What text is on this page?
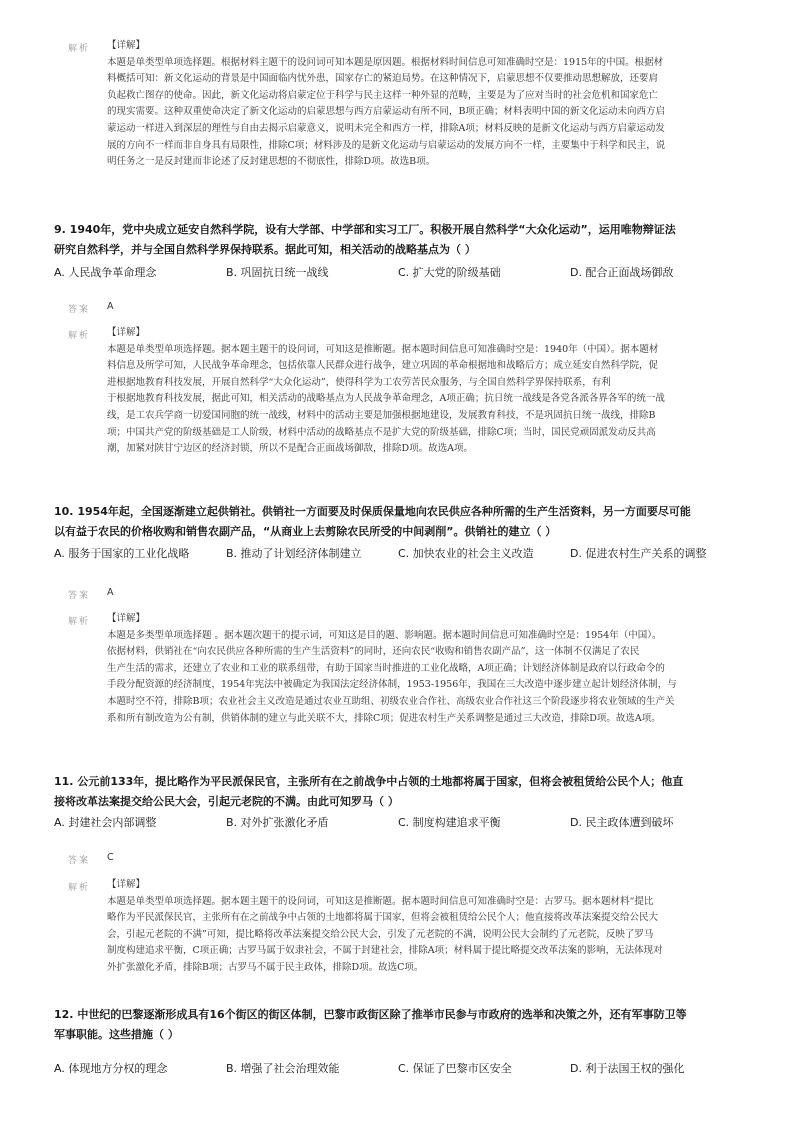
解析 【详解】
本题是单类型单项选择题。根据材料主题干的设问词可知本题是原因题。根据材料时间信息可知准确时空是：1915年的中国。根据材
料概括可知：新文化运动的背景是中国面临内忧外患，国家存亡的紧迫局势。在这种情况下，启蒙思想不仅要推动思想解放，还要肩
负起救亡图存的使命。因此，新文化运动将启蒙定位于科学与民主这样一种外显的范畴，主要是为了应对当时的社会危机和国家危亡
的现实需要。这种双重使命决定了新文化运动的启蒙思想与西方启蒙运动有所不同，B项正确；材料表明中国的新文化运动未向西方启
蒙运动一样进入到深层的理性与自由去揭示启蒙意义，说明未完全和西方一样，排除A项；材料反映的是新文化运动与西方启蒙运动发
展的方向不一样而非自身具有局限性，排除C项；材料涉及的是新文化运动与启蒙运动的发展方向不一样，主要集中于科学和民主，说
明任务之一是反封建而非论述了反封建思想的不彻底性，排除D项。故选B项。
9. 1940年，党中央成立延安自然科学院，设有大学部、中学部和实习工厂。积极开展自然科学“大众化运动”，运用唯物辩证法
研究自然科学，并与全国自然科学界保持联系。据此可知，相关活动的战略基点为（ ）
A. 人民战争革命理念	B. 巩固抗日统一战线	C. 扩大党的阶级基础	D. 配合正面战场御敌
答案 A
解析 【详解】
本题是单类型单项选择题。据本题主题干的设问词，可知这是推断题。据本题时间信息可知准确时空是：1940年（中国）。据本题材
料信息及所学可知，人民战争革命理念，包括依靠人民群众进行战争，建立巩固的革命根据地和战略后方；成立延安自然科学院，促
进根据地教育科技发展，开展自然科学“大众化运动”，使得科学为工农劳苦民众服务，与全国自然科学界保持联系，有利
于根据地教育科技发展，据此可知，相关活动的战略基点为人民战争革命理念，A项正确；抗日统一战线是各党各派各界各军的统一战
线，是工农兵学商一切爱国同胞的统一战线，材料中的活动主要是加强根据地建设，发展教育科技，不是巩固抗日统一战线，排除B
项；中国共产党的阶级基础是工人阶级，材料中活动的战略基点不是扩大党的阶级基础，排除C项；当时，国民党顽固派发动反共高
潮，加紧对陕甘宁边区的经济封锁，所以不是配合正面战场御敌，排除D项。故选A项。
10. 1954年起，全国逐渐建立起供销社。供销社一方面要及时保质保量地向农民供应各种所需的生产生活资料，另一方面要尽可能
以有益于农民的价格收购和销售农副产品，“从商业上去剪除农民所受的中间剥削”。供销社的建立（ ）
A. 服务于国家的工业化战略	B. 推动了计划经济体制建立	C. 加快农业的社会主义改造	D. 促进农村生产关系的调整
答案 A
解析 【详解】
本题是多类型单项选择题 。据本题次题干的提示词，可知这是目的题、影响题。据本题时间信息可知准确时空是：1954年（中国）。
依据材料，供销社在“向农民供应各种所需的生产生活资料”的同时，还向农民“收购和销售农副产品”，这一体制不仅满足了农民
生产生活的需求，还建立了农业和工业的联系纽带，有助于国家当时推进的工业化战略，A项正确；计划经济体制是政府以行政命令的
手段分配资源的经济制度，1954年宪法中被确定为我国法定经济体制，1953-1956年，我国在三大改造中逐步建立起计划经济体制，与
本题时空不符，排除B项；农业社会主义改造是通过农业互助组、初级农业合作社、高级农业合作社这三个阶段逐步将农业领域的生产关
系和所有制改造为公有制，供销体制的建立与此关联不大，排除C项；促进农村生产关系调整是通过三大改造，排除D项。故选A项。
11. 公元前133年，提比略作为平民派保民官，主张所有在之前战争中占领的土地都将属于国家，但将会被租赁给公民个人；他直
接将改革法案提交给公民大会，引起元老院的不满。由此可知罗马（ ）
A. 封建社会内部调整	B. 对外扩张激化矛盾	C. 制度构建追求平衡	D. 民主政体遭到破坏
答案 C
解析 【详解】
本题是单类型单项选择题。据本题主题干的设问词，可知这是推断题。据本题时间信息可知准确时空是：古罗马。据本题材料“提比
略作为平民派保民官，主张所有在之前战争中占领的土地都将属于国家，但将会被租赁给公民个人；他直接将改革法案提交给公民大
会，引起元老院的不满”可知，提比略将改革法案提交给公民大会，引发了元老院的不满，说明公民大会制约了元老院，反映了罗马
制度构建追求平衡，C项正确；古罗马属于奴隶社会，不属于封建社会，排除A项；材料属于提比略提交改革法案的影响，无法体现对
外扩张激化矛盾，排除B项；古罗马不属于民主政体，排除D项。故选C项。
12. 中世纪的巴黎逐渐形成具有16个街区的街区体制，巴黎市政街区除了推举市民参与市政府的选举和决策之外，还有军事防卫等
军事职能。这些措施（ ）
A. 体现地方分权的理念	B. 增强了社会治理效能	C. 保证了巴黎市区安全	D. 利于法国王权的强化
